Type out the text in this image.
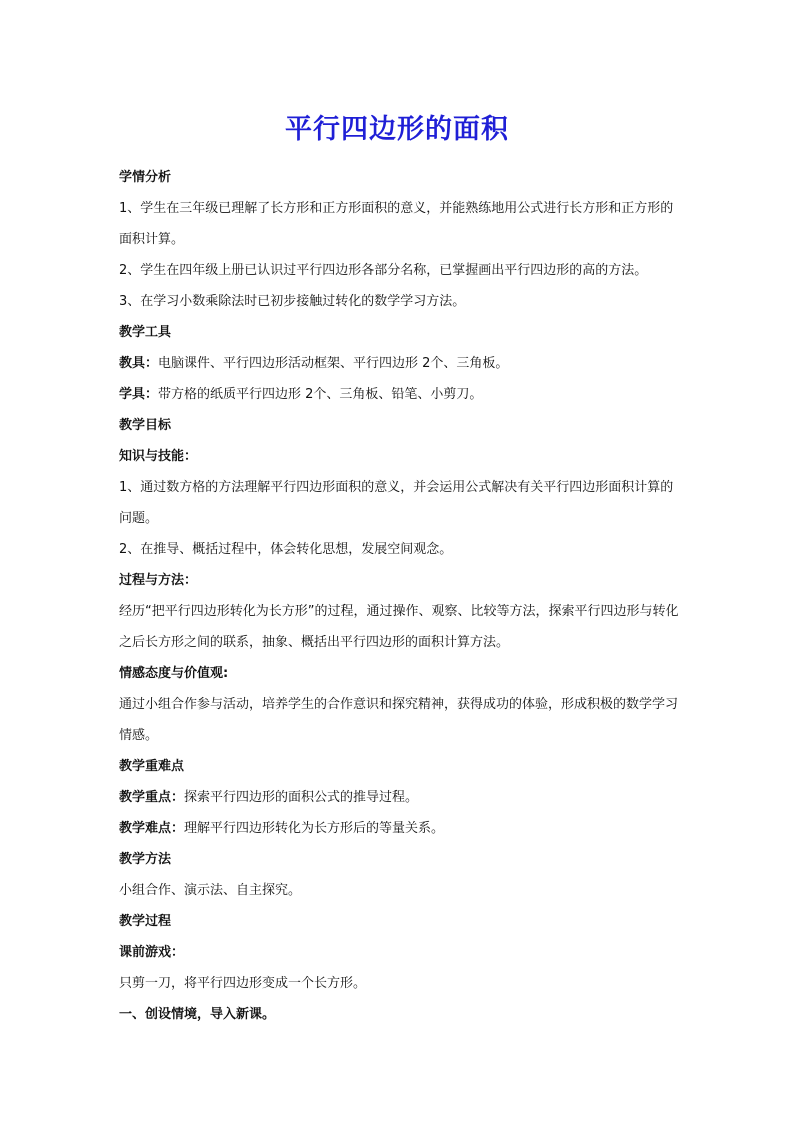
平行四边形的面积
学情分析
1、学生在三年级已理解了长方形和正方形面积的意义，并能熟练地用公式进行长方形和正方形的面积计算。
2、学生在四年级上册已认识过平行四边形各部分名称，已掌握画出平行四边形的高的方法。
3、在学习小数乘除法时已初步接触过转化的数学学习方法。
教学工具
教具：电脑课件、平行四边形活动框架、平行四边形 2个、三角板。
学具：带方格的纸质平行四边形 2个、三角板、铅笔、小剪刀。
教学目标
知识与技能：
1、通过数方格的方法理解平行四边形面积的意义，并会运用公式解决有关平行四边形面积计算的问题。
2、在推导、概括过程中，体会转化思想，发展空间观念。
过程与方法：
经历“把平行四边形转化为长方形”的过程，通过操作、观察、比较等方法，探索平行四边形与转化之后长方形之间的联系，抽象、概括出平行四边形的面积计算方法。
情感态度与价值观:
通过小组合作参与活动，培养学生的合作意识和探究精神，获得成功的体验，形成积极的数学学习情感。
教学重难点
教学重点：探索平行四边形的面积公式的推导过程。
教学难点：理解平行四边形转化为长方形后的等量关系。
教学方法
小组合作、演示法、自主探究。
教学过程
课前游戏：
只剪一刀，将平行四边形变成一个长方形。
一、创设情境，导入新课。
